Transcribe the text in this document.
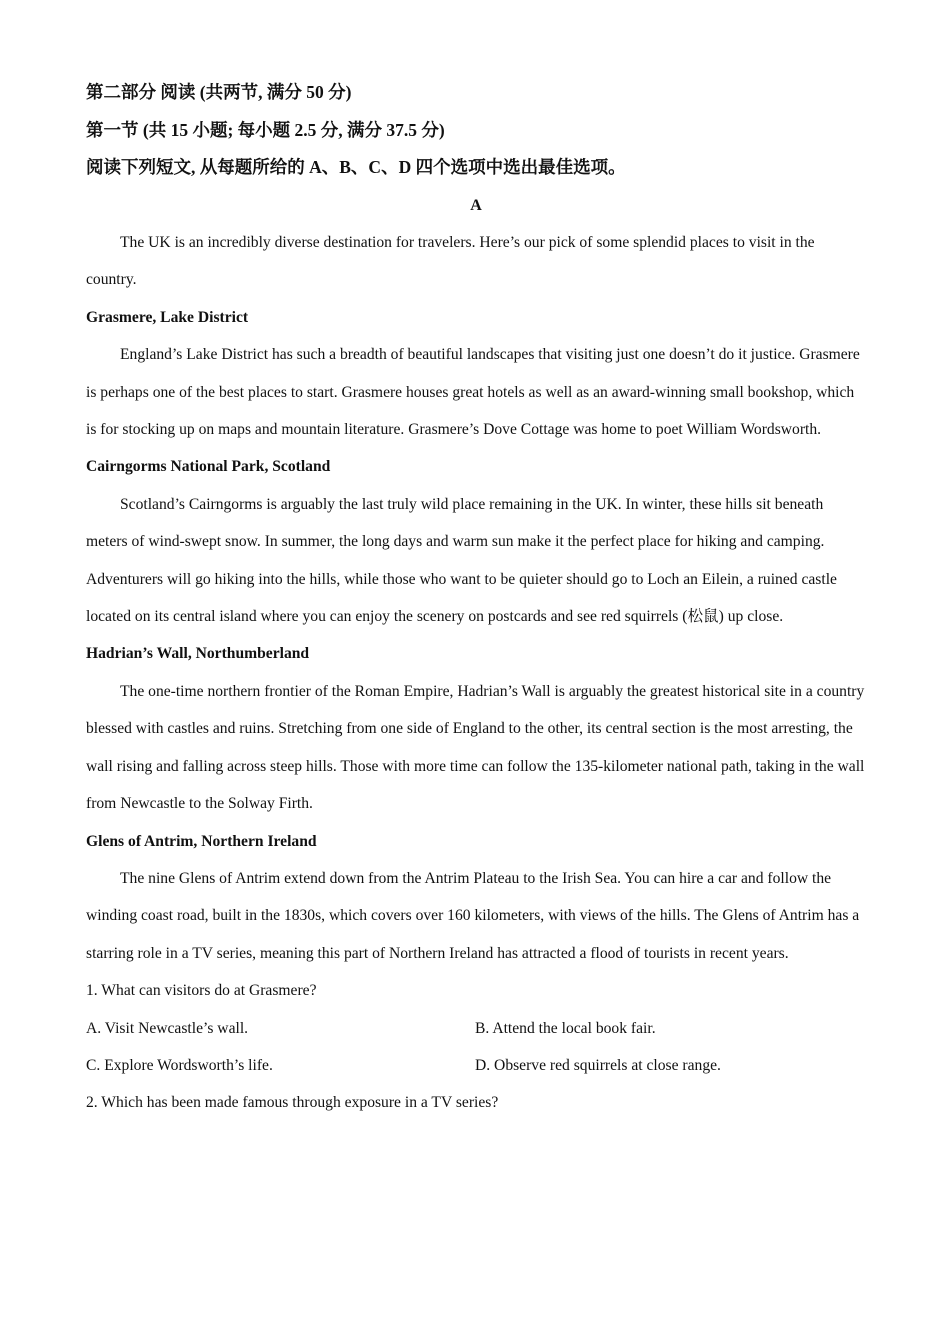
第二部分 阅读 (共两节, 满分 50 分)
第一节 (共 15 小题; 每小题 2.5 分, 满分 37.5 分)
阅读下列短文, 从每题所给的 A、B、C、D 四个选项中选出最佳选项。
A

The UK is an incredibly diverse destination for travelers. Here’s our pick of some splendid places to visit in the country.

Grasmere, Lake District

England’s Lake District has such a breadth of beautiful landscapes that visiting just one doesn’t do it justice. Grasmere is perhaps one of the best places to start. Grasmere houses great hotels as well as an award-winning small bookshop, which is for stocking up on maps and mountain literature. Grasmere’s Dove Cottage was home to poet William Wordsworth.

Cairngorms National Park, Scotland

Scotland’s Cairngorms is arguably the last truly wild place remaining in the UK. In winter, these hills sit beneath meters of wind-swept snow. In summer, the long days and warm sun make it the perfect place for hiking and camping. Adventurers will go hiking into the hills, while those who want to be quieter should go to Loch an Eilein, a ruined castle located on its central island where you can enjoy the scenery on postcards and see red squirrels (松鼠) up close.

Hadrian’s Wall, Northumberland

The one-time northern frontier of the Roman Empire, Hadrian’s Wall is arguably the greatest historical site in a country blessed with castles and ruins. Stretching from one side of England to the other, its central section is the most arresting, the wall rising and falling across steep hills. Those with more time can follow the 135-kilometer national path, taking in the wall from Newcastle to the Solway Firth.

Glens of Antrim, Northern Ireland

The nine Glens of Antrim extend down from the Antrim Plateau to the Irish Sea. You can hire a car and follow the winding coast road, built in the 1830s, which covers over 160 kilometers, with views of the hills. The Glens of Antrim has a starring role in a TV series, meaning this part of Northern Ireland has attracted a flood of tourists in recent years.

1. What can visitors do at Grasmere?

A. Visit Newcastle’s wall.	B. Attend the local book fair.
C. Explore Wordsworth’s life.	D. Observe red squirrels at close range.

2. Which has been made famous through exposure in a TV series?
